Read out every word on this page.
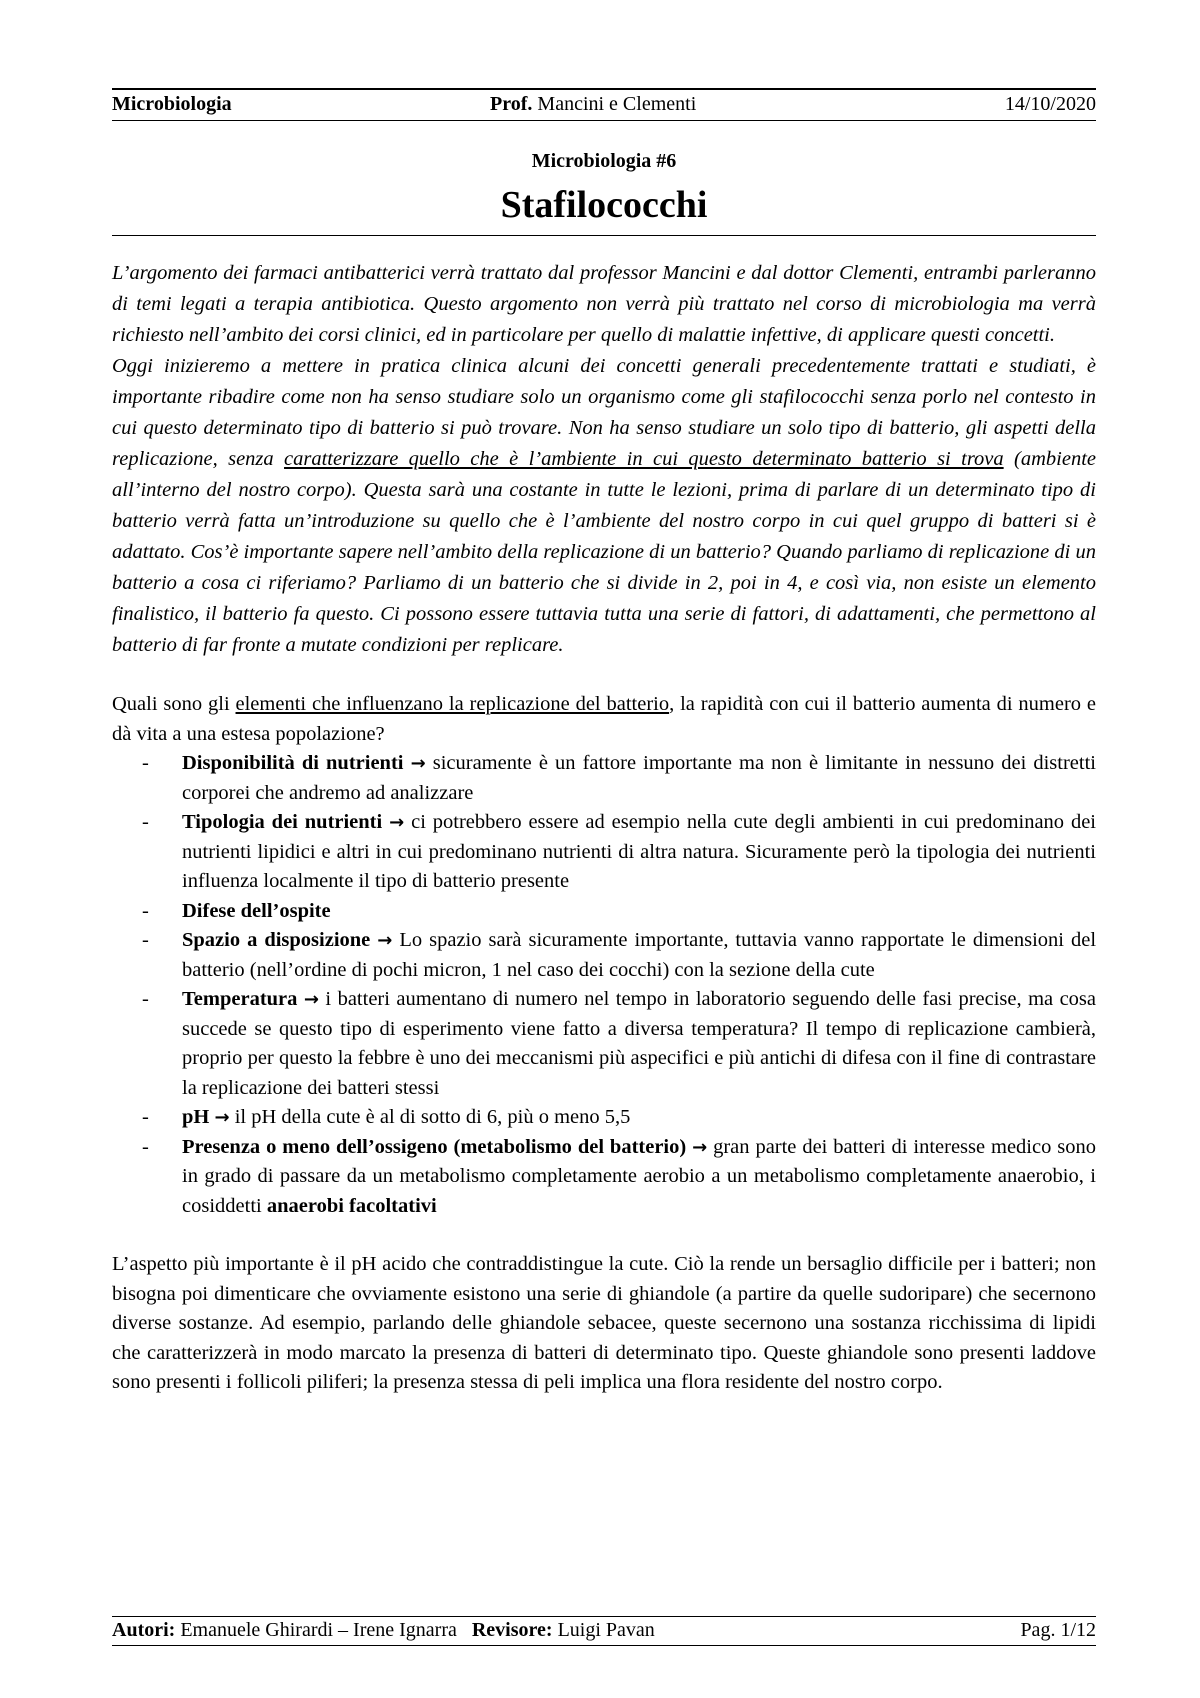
Microbiologia	Prof. Mancini e Clementi	14/10/2020
Microbiologia #6
Stafilococchi

L’argomento dei farmaci antibatterici verrà trattato dal professor Mancini e dal dottor Clementi, entrambi parleranno di temi legati a terapia antibiotica. Questo argomento non verrà più trattato nel corso di microbiologia ma verrà richiesto nell’ambito dei corsi clinici, ed in particolare per quello di malattie infettive, di applicare questi concetti.

Oggi inizieremo a mettere in pratica clinica alcuni dei concetti generali precedentemente trattati e studiati, è importante ribadire come non ha senso studiare solo un organismo come gli stafilococchi senza porlo nel contesto in cui questo determinato tipo di batterio si può trovare. Non ha senso studiare un solo tipo di batterio, gli aspetti della replicazione, senza caratterizzare quello che è l’ambiente in cui questo determinato batterio si trova (ambiente all’interno del nostro corpo). Questa sarà una costante in tutte le lezioni, prima di parlare di un determinato tipo di batterio verrà fatta un’introduzione su quello che è l’ambiente del nostro corpo in cui quel gruppo di batteri si è adattato. Cos’è importante sapere nell’ambito della replicazione di un batterio? Quando parliamo di replicazione di un batterio a cosa ci riferiamo? Parliamo di un batterio che si divide in 2, poi in 4, e così via, non esiste un elemento finalistico, il batterio fa questo. Ci possono essere tuttavia tutta una serie di fattori, di adattamenti, che permettono al batterio di far fronte a mutate condizioni per replicare.

Quali sono gli elementi che influenzano la replicazione del batterio, la rapidità con cui il batterio aumenta di numero e dà vita a una estesa popolazione?

- Disponibilità di nutrienti → sicuramente è un fattore importante ma non è limitante in nessuno dei distretti corporei che andremo ad analizzare
- Tipologia dei nutrienti → ci potrebbero essere ad esempio nella cute degli ambienti in cui predominano dei nutrienti lipidici e altri in cui predominano nutrienti di altra natura. Sicuramente però la tipologia dei nutrienti influenza localmente il tipo di batterio presente
- Difese dell’ospite
- Spazio a disposizione → Lo spazio sarà sicuramente importante, tuttavia vanno rapportate le dimensioni del batterio (nell’ordine di pochi micron, 1 nel caso dei cocchi) con la sezione della cute
- Temperatura → i batteri aumentano di numero nel tempo in laboratorio seguendo delle fasi precise, ma cosa succede se questo tipo di esperimento viene fatto a diversa temperatura? Il tempo di replicazione cambierà, proprio per questo la febbre è uno dei meccanismi più aspecifici e più antichi di difesa con il fine di contrastare la replicazione dei batteri stessi
- pH → il pH della cute è al di sotto di 6, più o meno 5,5
- Presenza o meno dell’ossigeno (metabolismo del batterio) → gran parte dei batteri di interesse medico sono in grado di passare da un metabolismo completamente aerobio a un metabolismo completamente anaerobio, i cosiddetti anaerobi facoltativi

L’aspetto più importante è il pH acido che contraddistingue la cute. Ciò la rende un bersaglio difficile per i batteri; non bisogna poi dimenticare che ovviamente esistono una serie di ghiandole (a partire da quelle sudoripare) che secernono diverse sostanze. Ad esempio, parlando delle ghiandole sebacee, queste secernono una sostanza ricchissima di lipidi che caratterizzerà in modo marcato la presenza di batteri di determinato tipo. Queste ghiandole sono presenti laddove sono presenti i follicoli piliferi; la presenza stessa di peli implica una flora residente del nostro corpo.

Autori: Emanuele Ghirardi – Irene Ignarra Revisore: Luigi Pavan	Pag. 1/12
